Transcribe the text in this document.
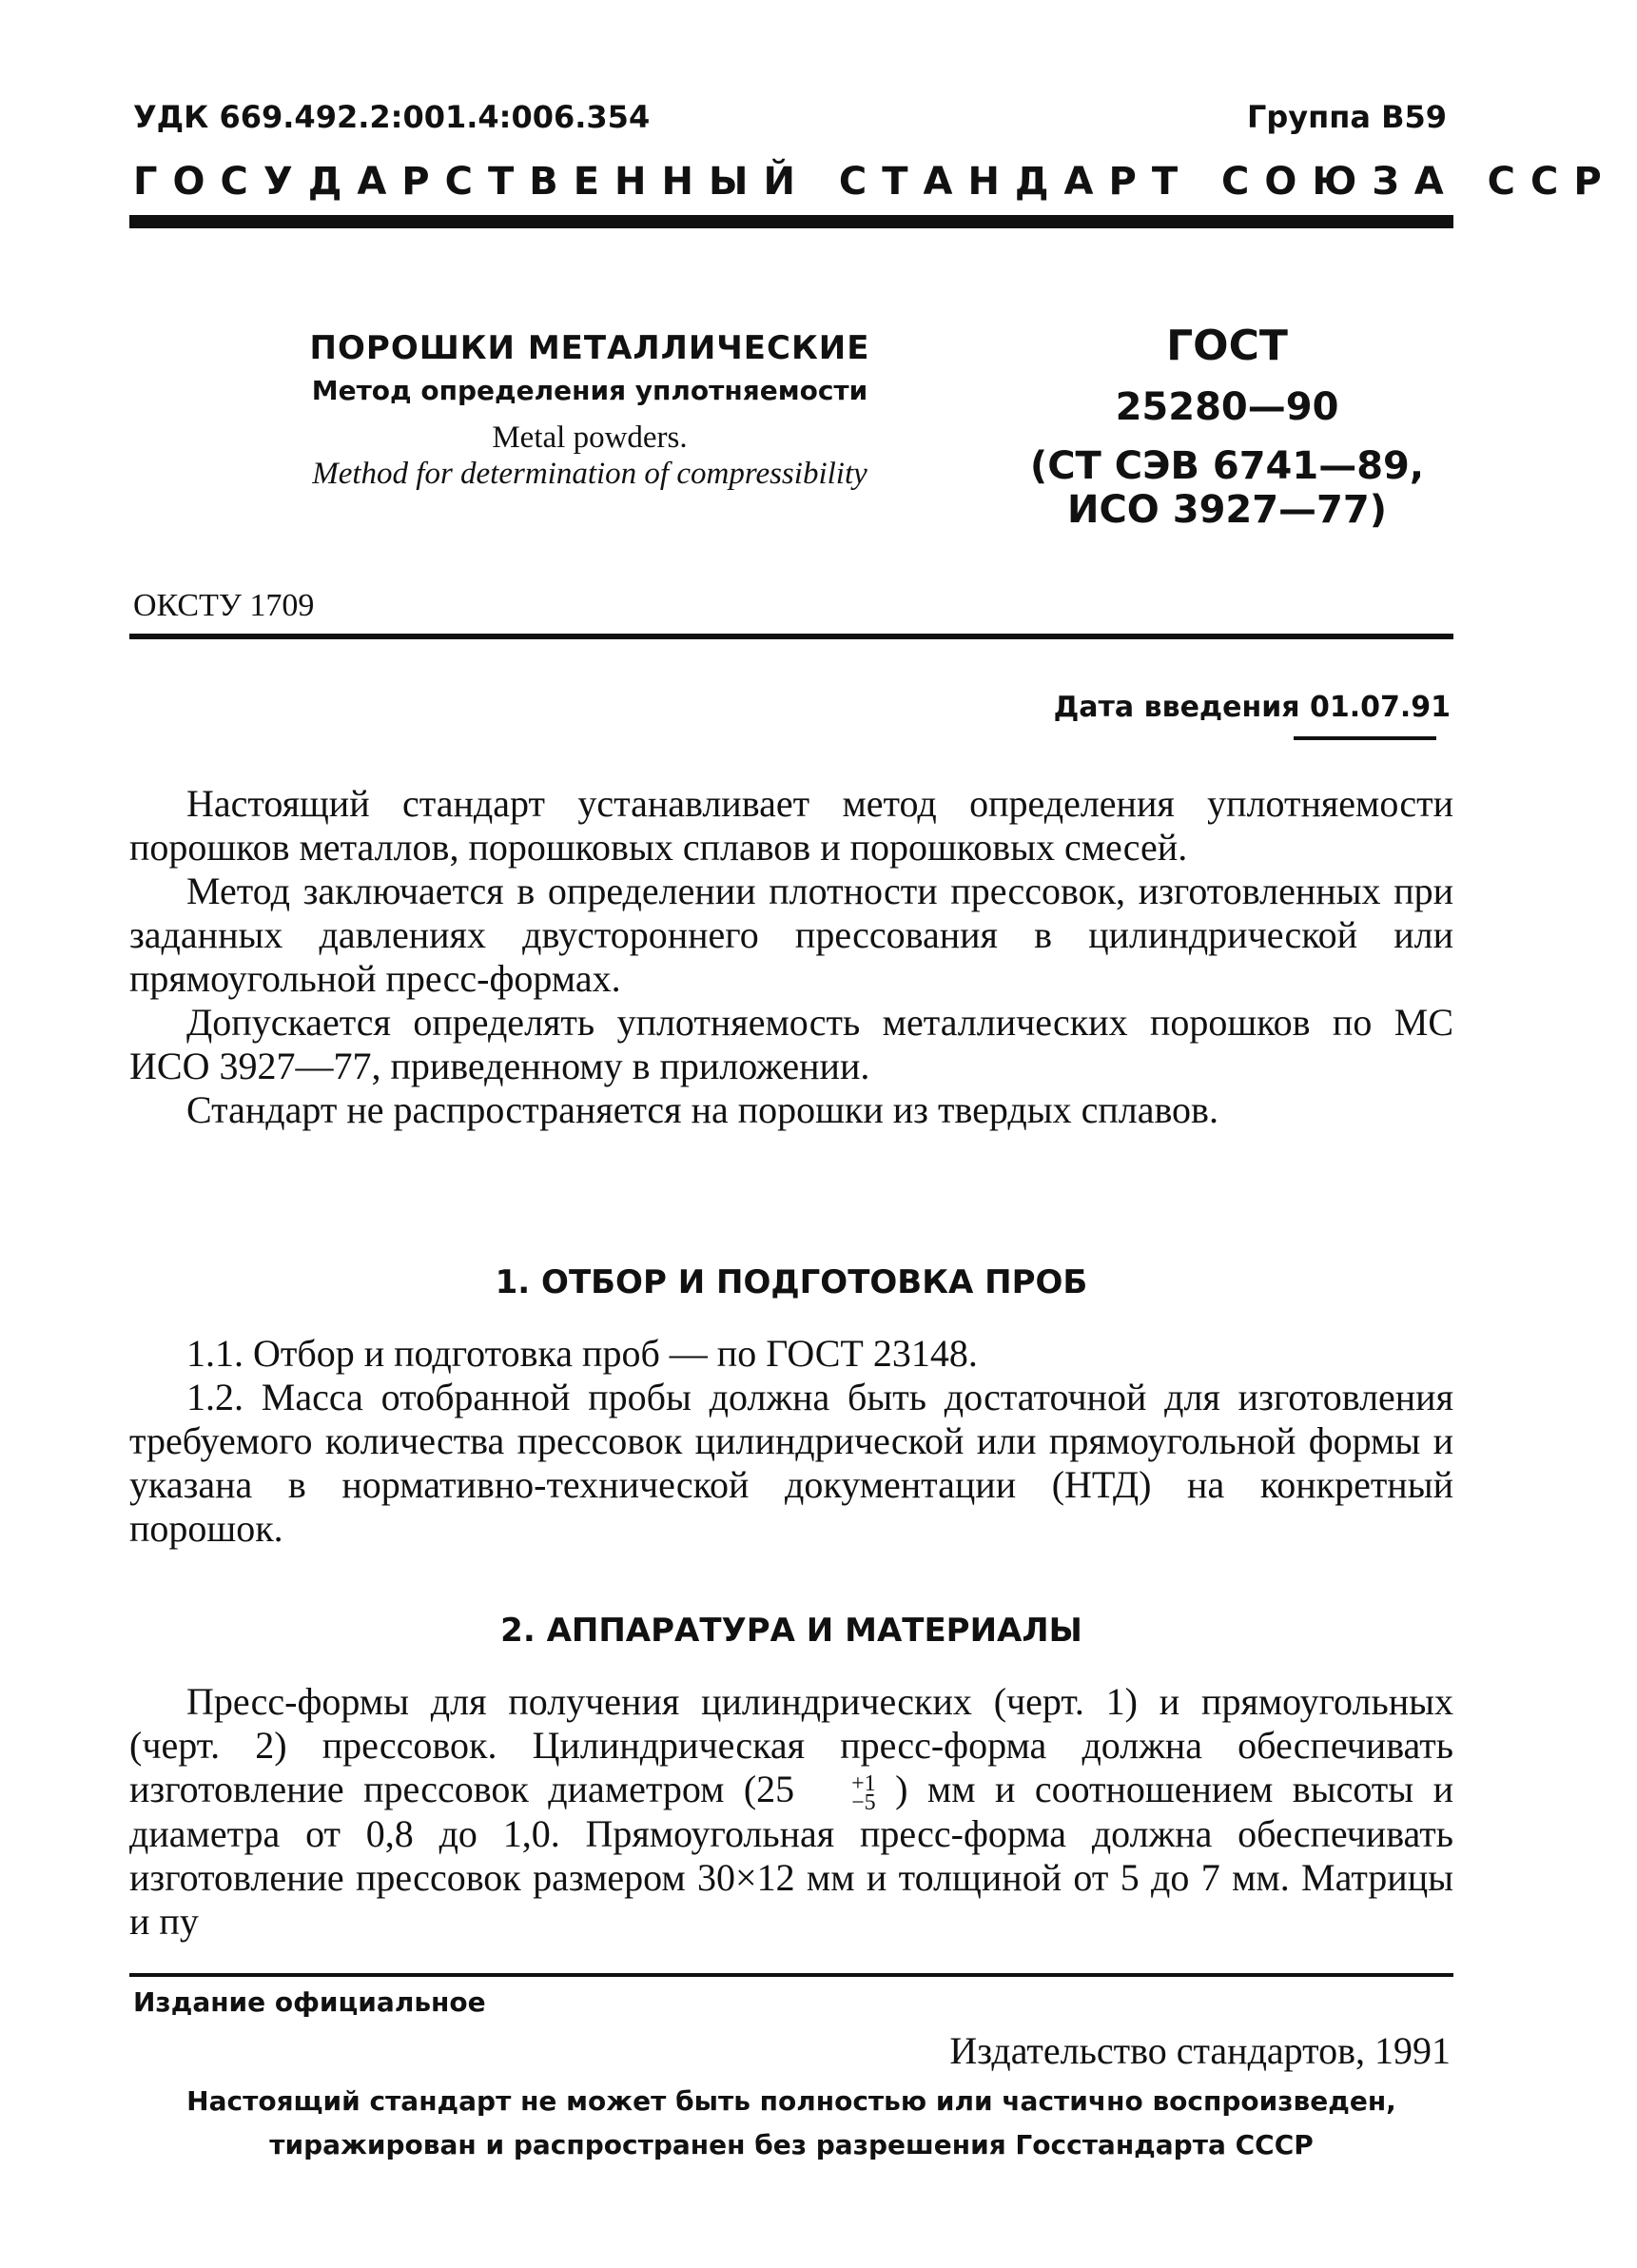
УДК 669.492.2:001.4:006.354	Группа В59
ГОСУДАРСТВЕННЫЙ СТАНДАРТ СОЮЗА ССР
ПОРОШКИ МЕТАЛЛИЧЕСКИЕ
Метод определения уплотняемости
Metal powders.
Method for determination of compressibility
ГОСТ
25280—90
(СТ СЭВ 6741—89,
ИСО 3927—77)
ОКСТУ 1709
Дата введения 01.07.91

Настоящий стандарт устанавливает метод определения уплотняемости порошков металлов, порошковых сплавов и порошковых смесей.

Метод заключается в определении плотности прессовок, изготовленных при заданных давлениях двустороннего прессования в цилиндрической или прямоугольной пресс-формах.

Допускается определять уплотняемость металлических порошков по МС ИСО 3927—77, приведенному в приложении.

Стандарт не распространяется на порошки из твердых сплавов.

1. ОТБОР И ПОДГОТОВКА ПРОБ

1.1. Отбор и подготовка проб — по ГОСТ 23148.

1.2. Масса отобранной пробы должна быть достаточной для изготовления требуемого количества прессовок цилиндрической или прямоугольной формы и указана в нормативно-технической документации (НТД) на конкретный порошок.

2. АППАРАТУРА И МАТЕРИАЛЫ

Пресс-формы для получения цилиндрических (черт. 1) и прямоугольных (черт. 2) прессовок. Цилиндрическая пресс-форма должна обеспечивать изготовление прессовок диаметром (25	+1
−5 ) мм и соотношением высоты и диаметра от 0,8 до 1,0. Прямоугольная пресс-форма должна обеспечивать изготовление прессовок размером 30×12 мм и толщиной от 5 до 7 мм. Матрицы и пу

Издание официальное
Издательство стандартов, 1991
Настоящий стандарт не может быть полностью или частично воспроизведен,
тиражирован и распространен без разрешения Госстандарта СССР
